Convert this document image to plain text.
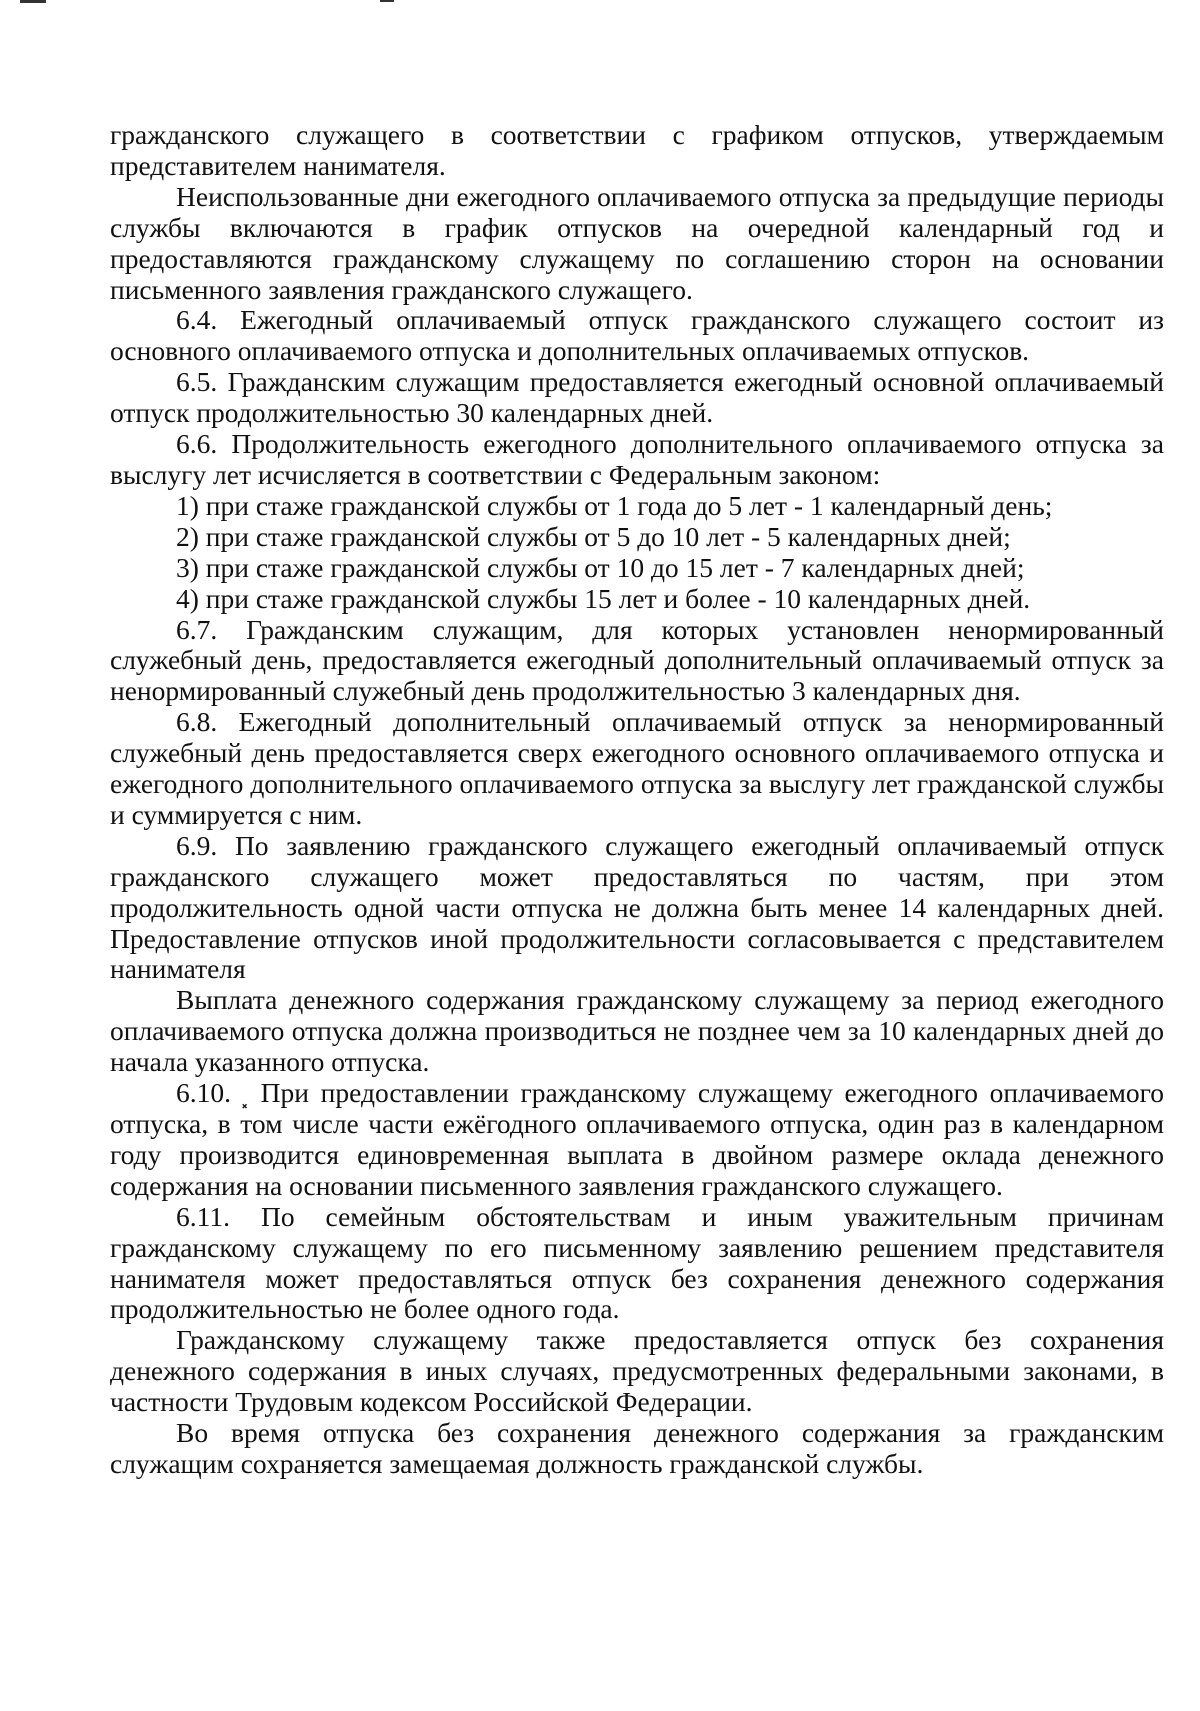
гражданского служащего в соответствии с графиком отпусков, утверждаемым представителем нанимателя.

Неиспользованные дни ежегодного оплачиваемого отпуска за предыдущие периоды службы включаются в график отпусков на очередной календарный год и предоставляются гражданскому служащему по соглашению сторон на основании письменного заявления гражданского служащего.

6.4. Ежегодный оплачиваемый отпуск гражданского служащего состоит из основного оплачиваемого отпуска и дополнительных оплачиваемых отпусков.

6.5. Гражданским служащим предоставляется ежегодный основной оплачиваемый отпуск продолжительностью 30 календарных дней.

6.6. Продолжительность ежегодного дополнительного оплачиваемого отпуска за выслугу лет исчисляется в соответствии с Федеральным законом:

1) при стаже гражданской службы от 1 года до 5 лет - 1 календарный день;

2) при стаже гражданской службы от 5 до 10 лет - 5 календарных дней;

3) при стаже гражданской службы от 10 до 15 лет - 7 календарных дней;

4) при стаже гражданской службы 15 лет и более - 10 календарных дней.

6.7. Гражданским служащим, для которых установлен ненормированный служебный день, предоставляется ежегодный дополнительный оплачиваемый отпуск за ненормированный служебный день продолжительностью 3 календарных дня.

6.8. Ежегодный дополнительный оплачиваемый отпуск за ненормированный служебный день предоставляется сверх ежегодного основного оплачиваемого отпуска и ежегодного дополнительного оплачиваемого отпуска за выслугу лет гражданской службы и суммируется с ним.

6.9. По заявлению гражданского служащего ежегодный оплачиваемый отпуск гражданского служащего может предоставляться по частям, при этом продолжительность одной части отпуска не должна быть менее 14 календарных дней. Предоставление отпусков иной продолжительности согласовывается с представителем нанимателя

Выплата денежного содержания гражданскому служащему за период ежегодного оплачиваемого отпуска должна производиться не позднее чем за 10 календарных дней до начала указанного отпуска.

6.10. ⸼ При предоставлении гражданскому служащему ежегодного оплачиваемого отпуска, в том числе части ежёгодного оплачиваемого отпуска, один раз в календарном году производится единовременная выплата в двойном размере оклада денежного содержания на основании письменного заявления гражданского служащего.

6.11. По семейным обстоятельствам и иным уважительным причинам гражданскому служащему по его письменному заявлению решением представителя нанимателя может предоставляться отпуск без сохранения денежного содержания продолжительностью не более одного года.

Гражданскому служащему также предоставляется отпуск без сохранения денежного содержания в иных случаях, предусмотренных федеральными законами, в частности Трудовым кодексом Российской Федерации.

Во время отпуска без сохранения денежного содержания за гражданским служащим сохраняется замещаемая должность гражданской службы.
